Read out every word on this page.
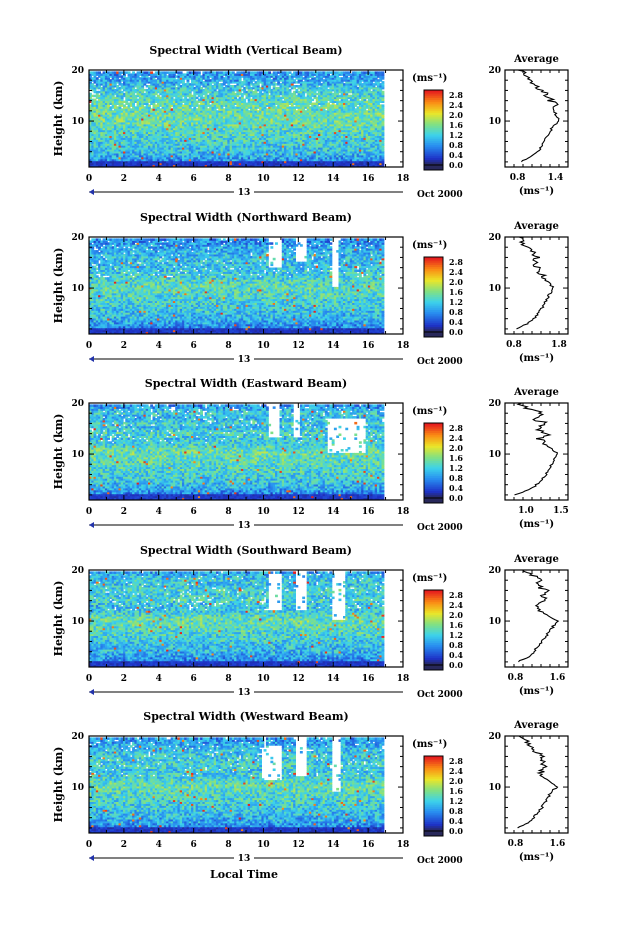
Spectral Width (Vertical Beam)
0	2	4	6	8	10 12 14 16 18
10
20
Height (km)
13	Oct 2000
(ms⁻¹)
2.8
2.4
2.0
1.6
1.2
0.8
0.4
0.0
Average
10
20
0.8 1.4
(ms⁻¹)
Spectral Width (Northward Beam)
0	2	4	6	8	10 12 14 16 18
10
20
Height (km)
13	Oct 2000
(ms⁻¹)
2.8
2.4
2.0
1.6
1.2
0.8
0.4
0.0
Average
10
20
0.8	1.8
(ms⁻¹)
Spectral Width (Eastward Beam)
0	2	4	6	8	10 12 14 16 18
10
20
Height (km)
13	Oct 2000
(ms⁻¹)
2.8
2.4
2.0
1.6
1.2
0.8
0.4
0.0
Average
10
20
1.0 1.5
(ms⁻¹)
Spectral Width (Southward Beam)
0	2	4	6	8	10 12 14 16 18
10
20
Height (km)
13	Oct 2000
(ms⁻¹)
2.8
2.4
2.0
1.6
1.2
0.8
0.4
0.0
Average
10
20
0.8	1.6
(ms⁻¹)
Spectral Width (Westward Beam)
0	2	4	6	8	10 12 14 16 18
10
20
Height (km)
13	Oct 2000
(ms⁻¹)
2.8
2.4
2.0
1.6
1.2
0.8
0.4
0.0
Average
10
20
0.8	1.6
(ms⁻¹)
Local Time
